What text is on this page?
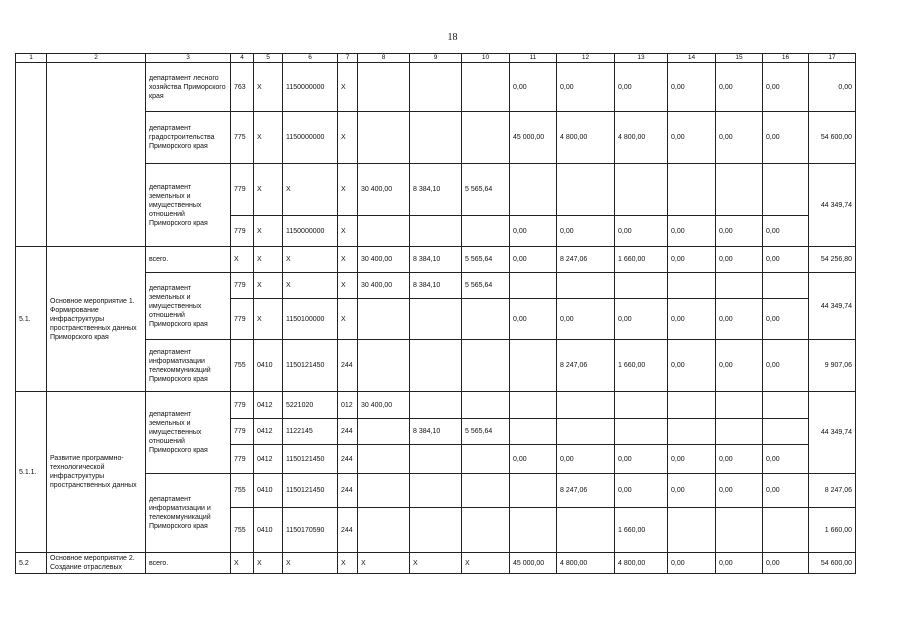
18
1	2	3	4	5	6	7	8	9	10	11	12	13	14	15	16	17
		департамент лесного хозяйства Приморского края	763	Х	1150000000	Х				0,00	0,00	0,00	0,00	0,00	0,00	0,00
		департамент градостроительства Приморского края	775	Х	1150000000	Х				45 000,00	4 800,00	4 800,00	0,00	0,00	0,00	54 600,00
		департамент земельных и имущественных отношений Приморского края	779	Х	Х	Х	30 400,00	8 384,10	5 565,64							44 349,74
			779	Х	1150000000	Х				0,00	0,00	0,00	0,00	0,00	0,00	
5.1.	Основное мероприятие 1. Формирование инфраструктуры пространственных данных Приморского края	всего.	Х	Х	Х	Х	30 400,00	8 384,10	5 565,64	0,00	8 247,06	1 660,00	0,00	0,00	0,00	54 256,80
		департамент земельных и имущественных отношений Приморского края	779	Х	Х	Х	30 400,00	8 384,10	5 565,64							44 349,74
			779	Х	1150100000	Х				0,00	0,00	0,00	0,00	0,00	0,00	
		департамент информатизации телекоммуникаций Приморского края	755	0410	1150121450	244					8 247,06	1 660,00	0,00	0,00	0,00	9 907,06
5.1.1.	Развитие программно-технологической инфраструктуры пространственных данных	департамент земельных и имущественных отношений Приморского края	779	0412	5221020	012	30 400,00									44 349,74
			779	0412	1122145	244		8 384,10	5 565,64							
			779	0412	1150121450	244				0,00	0,00	0,00	0,00	0,00	0,00	
		департамент информатизации и телекоммуникаций Приморского края	755	0410	1150121450	244					8 247,06	0,00	0,00	0,00	0,00	8 247,06
			755	0410	1150170590	244						1 660,00				1 660,00
5.2	Основное мероприятие 2. Создание отраслевых	всего.	Х	Х	Х	Х	Х	Х	Х	45 000,00	4 800,00	4 800,00	0,00	0,00	0,00	54 600,00
